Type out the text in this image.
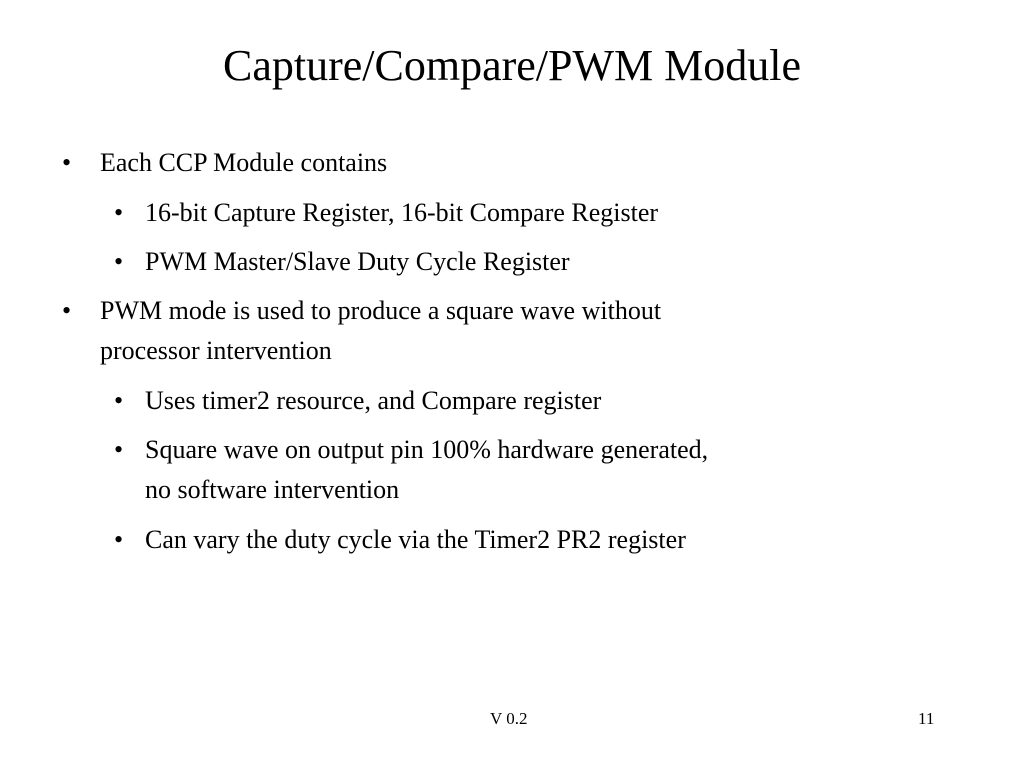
Capture/Compare/PWM Module
•	Each CCP Module contains
• 16-bit Capture Register, 16-bit Compare Register
• PWM Master/Slave Duty Cycle Register
•	PWM mode is used to produce a square wave without
processor intervention
• Uses timer2 resource, and Compare register
• Square wave on output pin 100% hardware generated,
no software intervention
• Can vary the duty cycle via the Timer2 PR2 register
V 0.2	11
